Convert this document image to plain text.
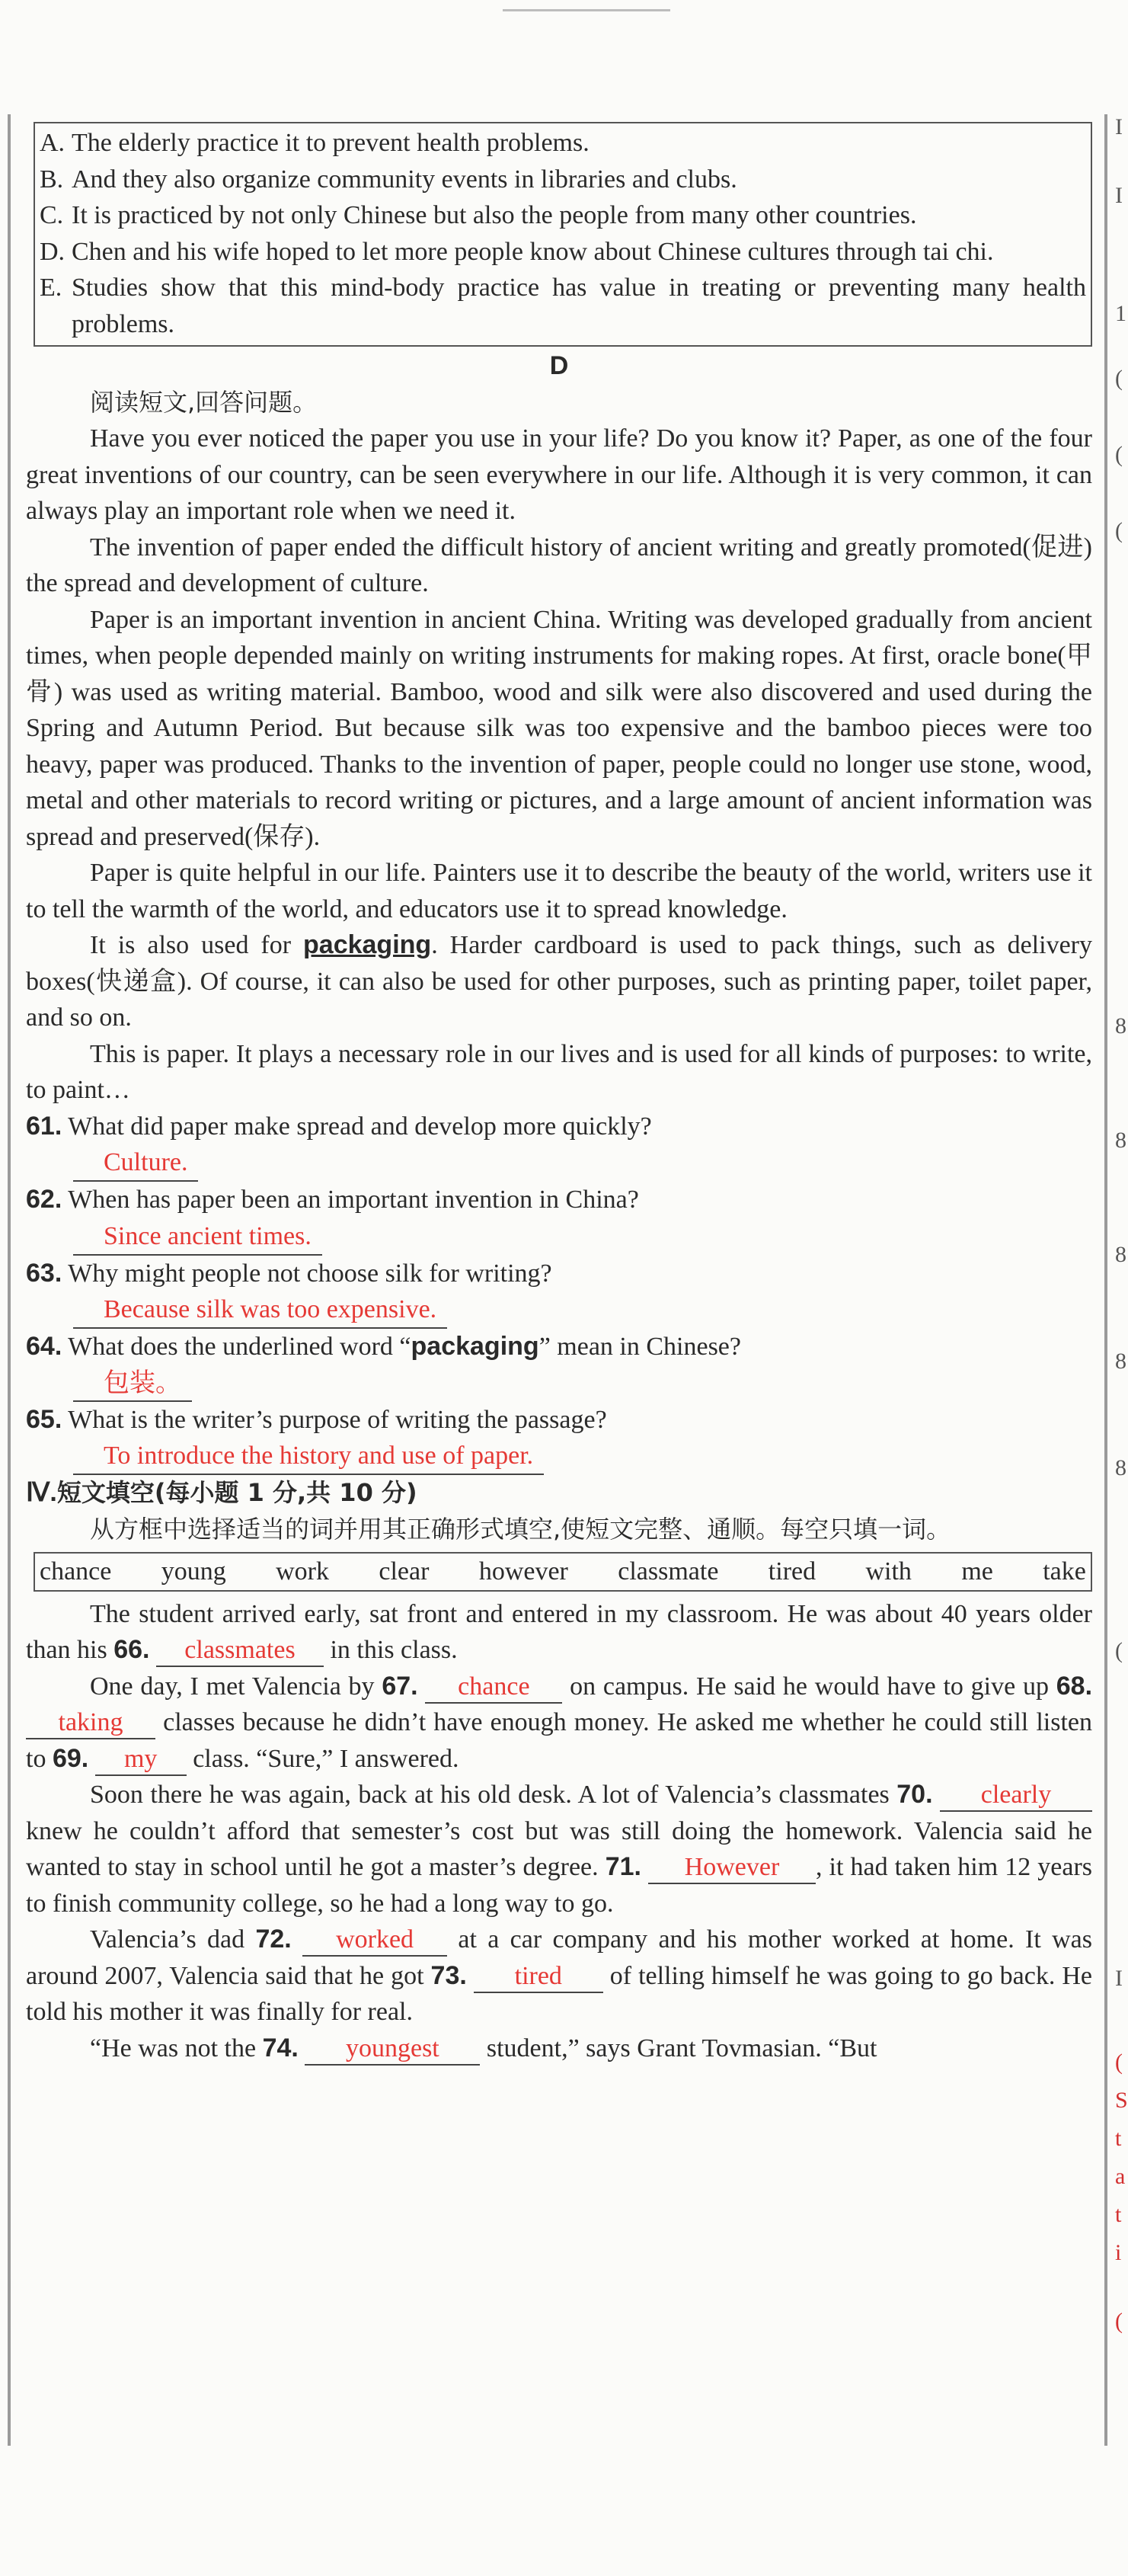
I
I
1
(
(
(
8
8
8
8
8
(
I
(
S
t
a
t
i
(
A. The elderly practice it to prevent health problems.
B. And they also organize community events in libraries and clubs.
C. It is practiced by not only Chinese but also the people from many other countries.
D. Chen and his wife hoped to let more people know about Chinese cultures through tai chi.
E. Studies show that this mind-body practice has value in treating or preventing many health problems.
D

阅读短文,回答问题。

Have you ever noticed the paper you use in your life? Do you know it? Paper, as one of the four great inventions of our country, can be seen everywhere in our life. Although it is very common, it can always play an important role when we need it.

The invention of paper ended the difficult history of ancient writing and greatly promoted(促进) the spread and development of culture.

Paper is an important invention in ancient China. Writing was developed gradually from ancient times, when people depended mainly on writing instruments for making ropes. At first, oracle bone(甲骨) was used as writing material. Bamboo, wood and silk were also discovered and used during the Spring and Autumn Period. But because silk was too expensive and the bamboo pieces were too heavy, paper was produced. Thanks to the invention of paper, people could no longer use stone, wood, metal and other materials to record writing or pictures, and a large amount of ancient information was spread and preserved(保存).

Paper is quite helpful in our life. Painters use it to describe the beauty of the world, writers use it to tell the warmth of the world, and educators use it to spread knowledge.

It is also used for packaging. Harder cardboard is used to pack things, such as delivery boxes(快递盒). Of course, it can also be used for other purposes, such as printing paper, toilet paper, and so on.

This is paper. It plays a necessary role in our lives and is used for all kinds of purposes: to write, to paint…

61. What did paper make spread and develop more quickly?
Culture.
62. When has paper been an important invention in China?
Since ancient times.
63. Why might people not choose silk for writing?
Because silk was too expensive.
64. What does the underlined word “packaging” mean in Chinese?
包装。
65. What is the writer’s purpose of writing the passage?
To introduce the history and use of paper.

Ⅳ.短文填空(每小题 1 分,共 10 分)

从方框中选择适当的词并用其正确形式填空,使短文完整、通顺。每空只填一词。

chance young work clear however classmate tired with me take

The student arrived early, sat front and entered in my classroom. He was about 40 years older than his 66. classmates in this class.

One day, I met Valencia by 67. chance on campus. He said he would have to give up 68. taking classes because he didn’t have enough money. He asked me whether he could still listen to 69. my class. “Sure,” I answered.

Soon there he was again, back at his old desk. A lot of Valencia’s classmates 70. clearly knew he couldn’t afford that semester’s cost but was still doing the homework. Valencia said he wanted to stay in school until he got a master’s degree. 71. However , it had taken him 12 years to finish community college, so he had a long way to go.

Valencia’s dad 72. worked at a car company and his mother worked at home. It was around 2007, Valencia said that he got 73. tired of telling himself he was going to go back. He told his mother it was finally for real.

“He was not the 74. youngest student,” says Grant Tovmasian. “But
